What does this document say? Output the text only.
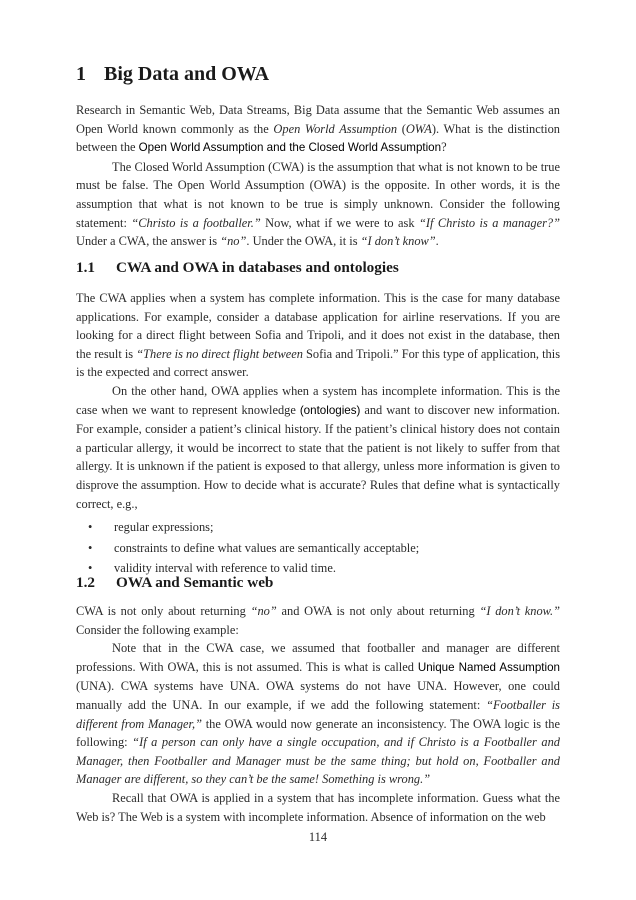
1 Big Data and OWA

Research in Semantic Web, Data Streams, Big Data assume that the Semantic Web assumes an Open World known commonly as the Open World Assumption (OWA). What is the distinction between the Open World Assumption and the Closed World Assumption?

The Closed World Assumption (CWA) is the assumption that what is not known to be true must be false. The Open World Assumption (OWA) is the opposite. In other words, it is the assumption that what is not known to be true is simply unknown. Consider the following statement: “Christo is a footballer.” Now, what if we were to ask “If Christo is a manager?” Under a CWA, the answer is “no”. Under the OWA, it is “I don’t know”.

1.1 CWA and OWA in databases and ontologies

The CWA applies when a system has complete information. This is the case for many database applications. For example, consider a database application for airline reservations. If you are looking for a direct flight between Sofia and Tripoli, and it does not exist in the database, then the result is “There is no direct flight between Sofia and Tripoli.” For this type of application, this is the expected and correct answer.

On the other hand, OWA applies when a system has incomplete information. This is the case when we want to represent knowledge (ontologies) and want to discover new information. For example, consider a patient’s clinical history. If the patient’s clinical history does not contain a particular allergy, it would be incorrect to state that the patient is not likely to suffer from that allergy. It is unknown if the patient is exposed to that allergy, unless more information is given to disprove the assumption. How to decide what is accurate? Rules that define what is syntactically correct, e.g.,

• regular expressions;
• constraints to define what values are semantically acceptable;
• validity interval with reference to valid time.
1.2 OWA and Semantic web

CWA is not only about returning “no” and OWA is not only about returning “I don’t know.” Consider the following example:

Note that in the CWA case, we assumed that footballer and manager are different professions. With OWA, this is not assumed. This is what is called Unique Named Assumption (UNA). CWA systems have UNA. OWA systems do not have UNA. However, one could manually add the UNA. In our example, if we add the following statement: “Footballer is different from Manager,” the OWA would now generate an inconsistency. The OWA logic is the following: “If a person can only have a single occupation, and if Christo is a Footballer and Manager, then Footballer and Manager must be the same thing; but hold on, Footballer and Manager are different, so they can’t be the same! Something is wrong.”

Recall that OWA is applied in a system that has incomplete information. Guess what the Web is? The Web is a system with incomplete information. Absence of information on the web

114
